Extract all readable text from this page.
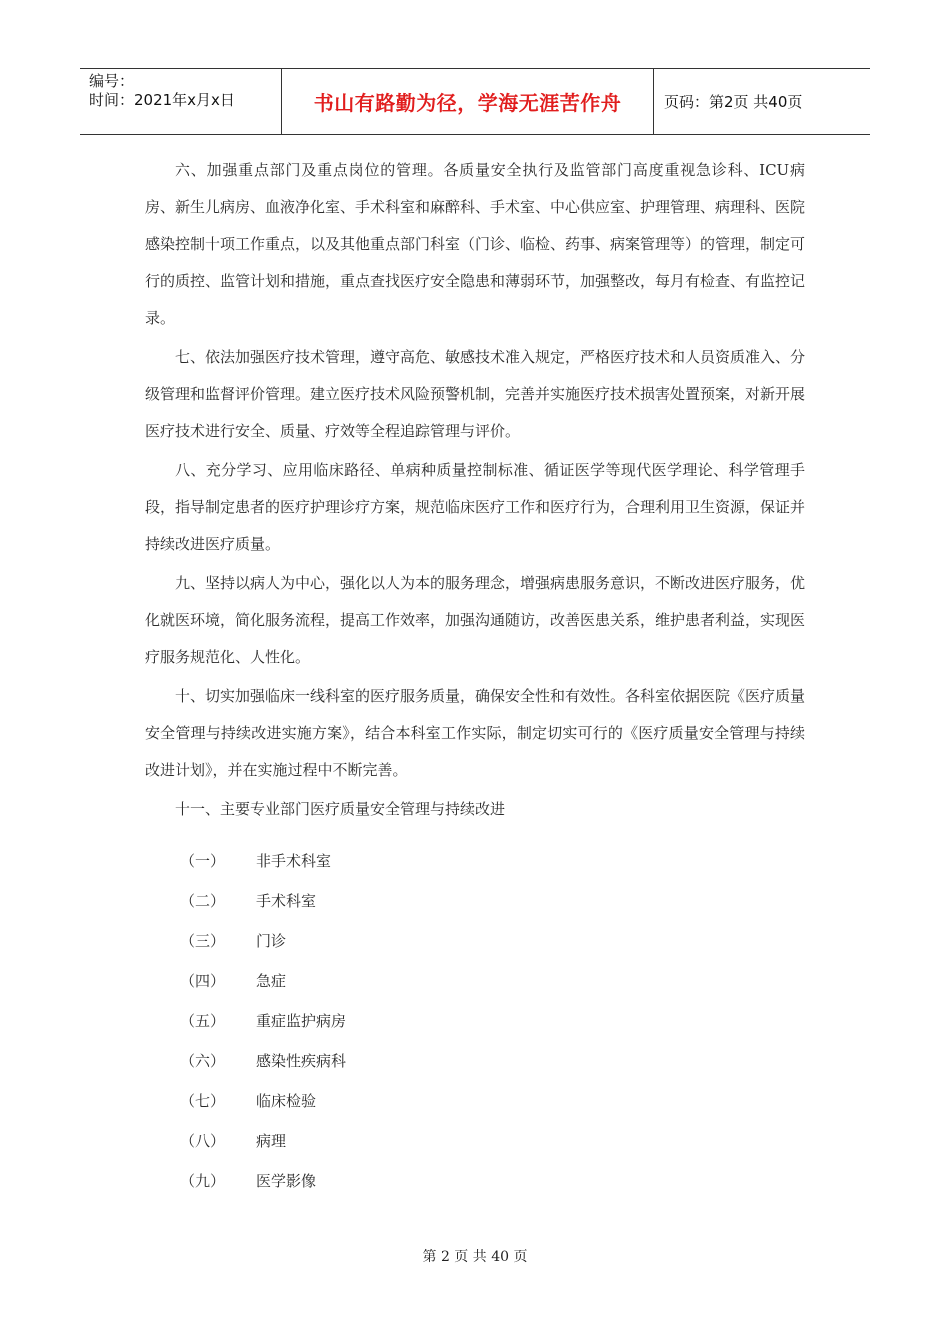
编号：
时间：2021年x月x日	书山有路勤为径，学海无涯苦作舟	页码：第2页 共40页

六、加强重点部门及重点岗位的管理。各质量安全执行及监管部门高度重视急诊科、ICU病房、新生儿病房、血液净化室、手术科室和麻醉科、手术室、中心供应室、护理管理、病理科、医院感染控制十项工作重点，以及其他重点部门科室（门诊、临检、药事、病案管理等）的管理，制定可行的质控、监管计划和措施，重点查找医疗安全隐患和薄弱环节，加强整改，每月有检查、有监控记录。

七、依法加强医疗技术管理，遵守高危、敏感技术准入规定，严格医疗技术和人员资质准入、分级管理和监督评价管理。建立医疗技术风险预警机制，完善并实施医疗技术损害处置预案，对新开展医疗技术进行安全、质量、疗效等全程追踪管理与评价。

八、充分学习、应用临床路径、单病种质量控制标准、循证医学等现代医学理论、科学管理手段，指导制定患者的医疗护理诊疗方案，规范临床医疗工作和医疗行为，合理利用卫生资源，保证并持续改进医疗质量。

九、坚持以病人为中心，强化以人为本的服务理念，增强病患服务意识，不断改进医疗服务，优化就医环境，简化服务流程，提高工作效率，加强沟通随访，改善医患关系，维护患者利益，实现医疗服务规范化、人性化。

十、切实加强临床一线科室的医疗服务质量，确保安全性和有效性。各科室依据医院《医疗质量安全管理与持续改进实施方案》，结合本科室工作实际，制定切实可行的《医疗质量安全管理与持续改进计划》，并在实施过程中不断完善。

十一、主要专业部门医疗质量安全管理与持续改进

（一）	非手术科室
（二）	手术科室
（三）	门诊
（四）	急症
（五）	重症监护病房
（六）	感染性疾病科
（七）	临床检验
（八）	病理
（九）	医学影像
第 2 页 共 40 页
